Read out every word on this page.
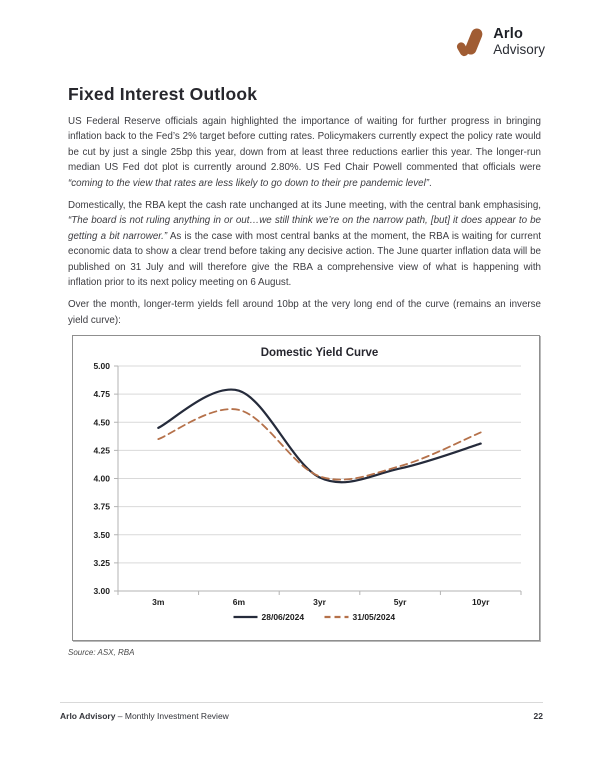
Arlo
Advisory
Fixed Interest Outlook

US Federal Reserve officials again highlighted the importance of waiting for further progress in bringing inflation back to the Fed’s 2% target before cutting rates. Policymakers currently expect the policy rate would be cut by just a single 25bp this year, down from at least three reductions earlier this year. The longer-run median US Fed dot plot is currently around 2.80%. US Fed Chair Powell commented that officials were “coming to the view that rates are less likely to go down to their pre pandemic level”.

Domestically, the RBA kept the cash rate unchanged at its June meeting, with the central bank emphasising, “The board is not ruling anything in or out…we still think we’re on the narrow path, [but] it does appear to be getting a bit narrower.” As is the case with most central banks at the moment, the RBA is waiting for current economic data to show a clear trend before taking any decisive action. The June quarter inflation data will be published on 31 July and will therefore give the RBA a comprehensive view of what is happening with inflation prior to its next policy meeting on 6 August.

Over the month, longer-term yields fell around 10bp at the very long end of the curve (remains an inverse yield curve):

Domestic Yield Curve
5.00
4.75
4.50
4.25
4.00
3.75
3.50
3.25
3.00
3m	6m	3yr	5yr	10yr
28/06/2024	31/05/2024
Source: ASX, RBA
Arlo Advisory – Monthly Investment Review	22
